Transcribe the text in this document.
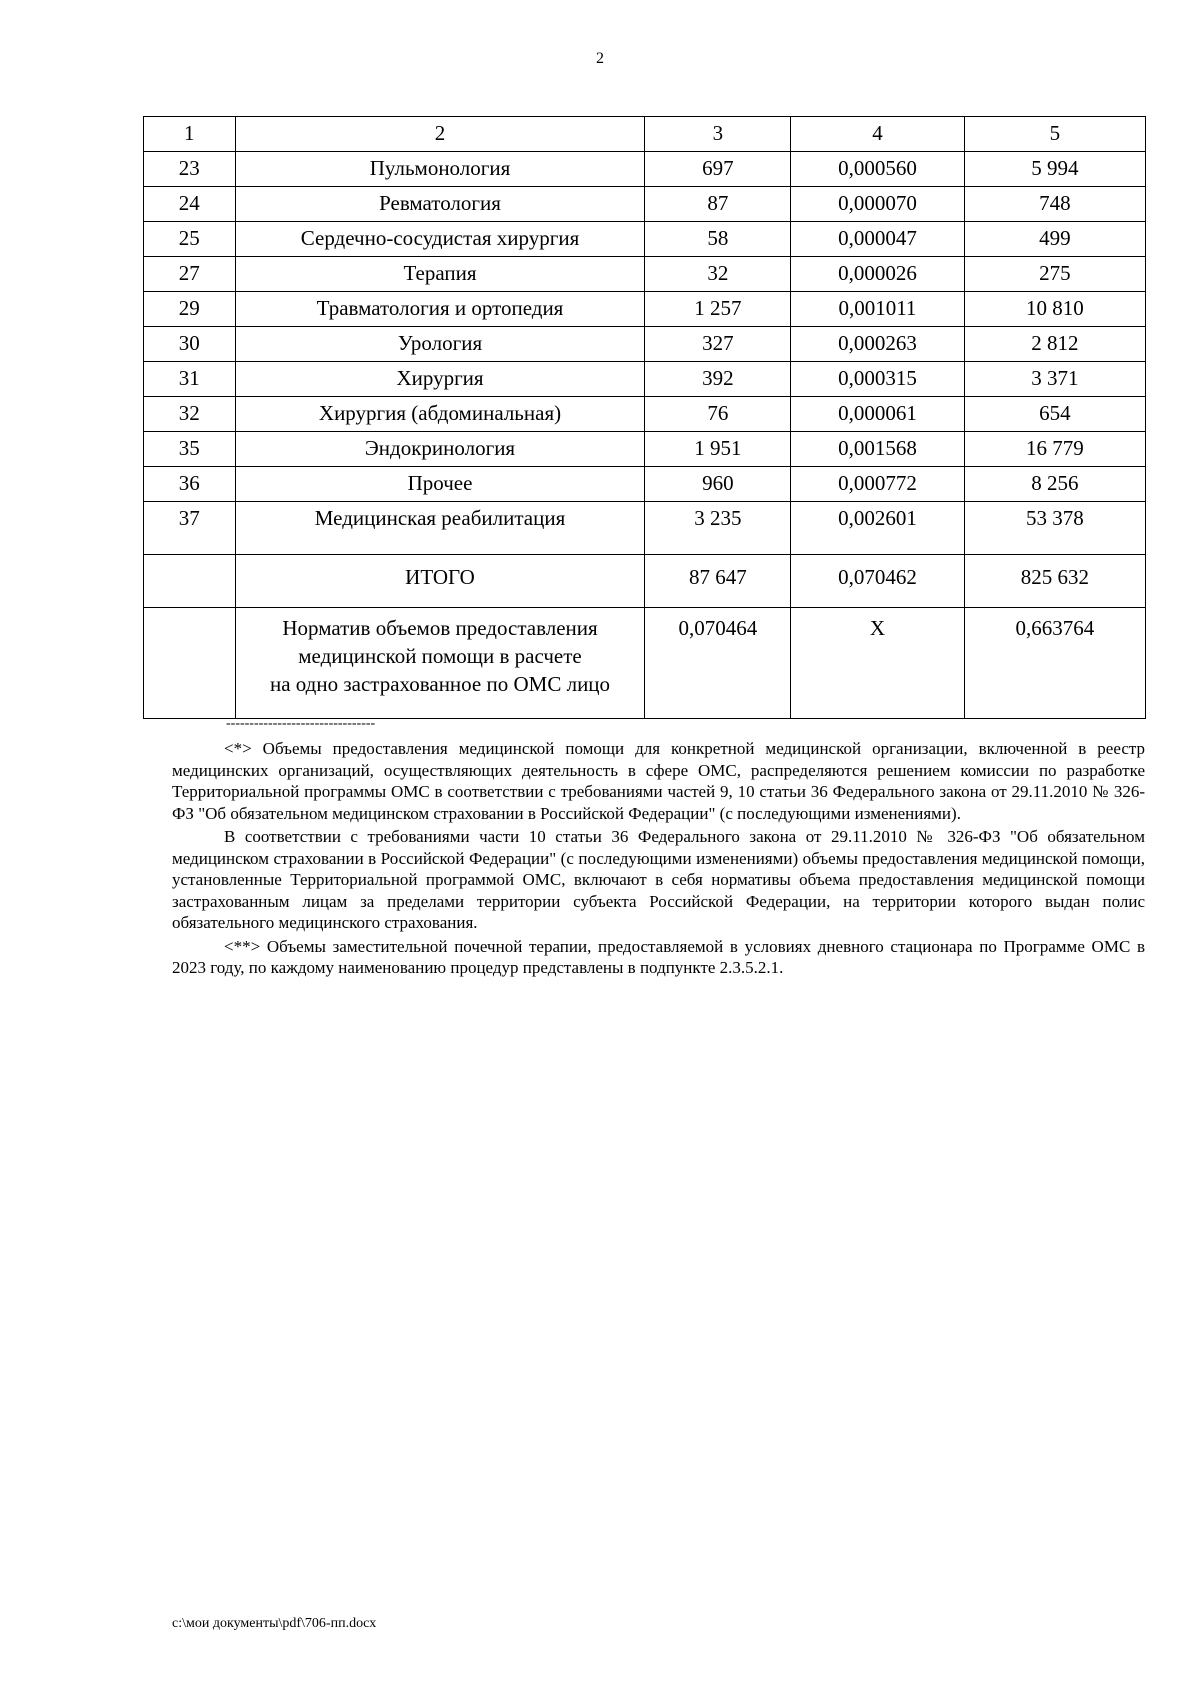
2
1	2	3	4	5
23	Пульмонология	697	0,000560	5 994
24	Ревматология	87	0,000070	748
25	Сердечно-сосудистая хирургия	58	0,000047	499
27	Терапия	32	0,000026	275
29	Травматология и ортопедия	1 257	0,001011	10 810
30	Урология	327	0,000263	2 812
31	Хирургия	392	0,000315	3 371
32	Хирургия (абдоминальная)	76	0,000061	654
35	Эндокринология	1 951	0,001568	16 779
36	Прочее	960	0,000772	8 256
37	Медицинская реабилитация	3 235	0,002601	53 378
	ИТОГО	87 647	0,070462	825 632

	Норматив объемов предоставления
медицинской помощи в расчете
на одно застрахованное по ОМС лицо	0,070464	Х	0,663764
--------------------------------

<*> Объемы предоставления медицинской помощи для конкретной медицинской организации, включенной в реестр медицинских организаций, осуществляющих деятельность в сфере ОМС, распределяются решением комиссии по разработке Территориальной программы ОМС в соответствии с требованиями частей 9, 10 статьи 36 Федерального закона от 29.11.2010 № 326-ФЗ "Об обязательном медицинском страховании в Российской Федерации" (с последующими изменениями).

В соответствии с требованиями части 10 статьи 36 Федерального закона от 29.11.2010 № 326-ФЗ "Об обязательном медицинском страховании в Российской Федерации" (с последующими изменениями) объемы предоставления медицинской помощи, установленные Территориальной программой ОМС, включают в себя нормативы объема предоставления медицинской помощи застрахованным лицам за пределами территории субъекта Российской Федерации, на территории которого выдан полис обязательного медицинского страхования.

<**> Объемы заместительной почечной терапии, предоставляемой в условиях дневного стационара по Программе ОМС в 2023 году, по каждому наименованию процедур представлены в подпункте 2.3.5.2.1.

c:\мои документы\pdf\706-пп.docx
